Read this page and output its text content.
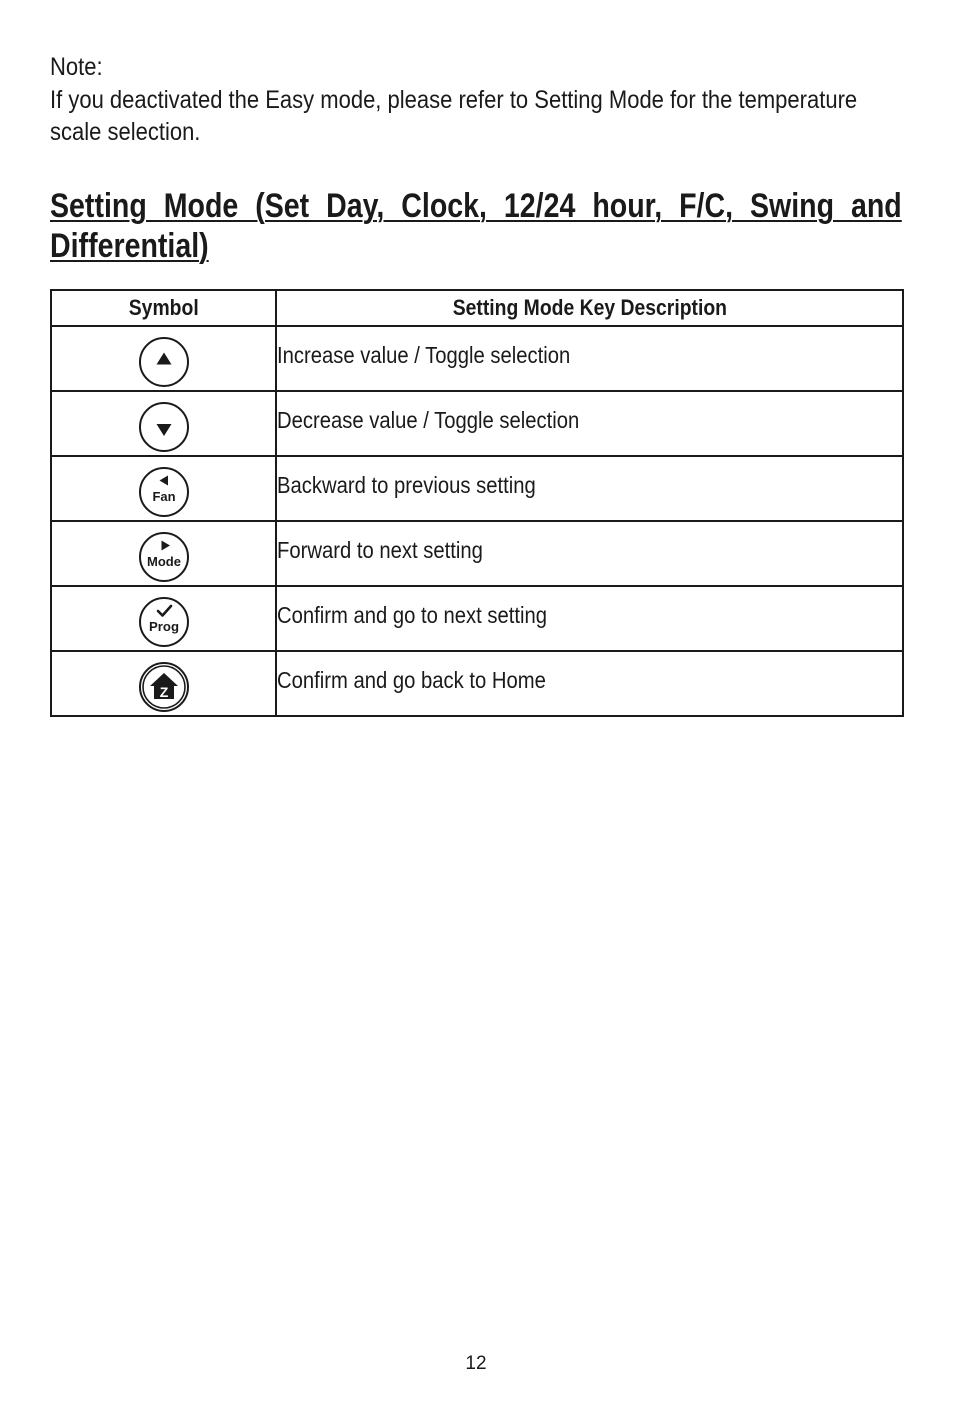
Note:
If you deactivated the Easy mode, please refer to Setting Mode for the temperature scale selection.
Setting Mode (Set Day, Clock, 12/24 hour, F/C, Swing and Differential)
Symbol	Setting Mode Key Description
	Increase value / Toggle selection
	Decrease value / Toggle selection

Fan	Backward to previous setting

Mode	Forward to next setting

Prog	Confirm and go to next setting

Z	Confirm and go back to Home
12
